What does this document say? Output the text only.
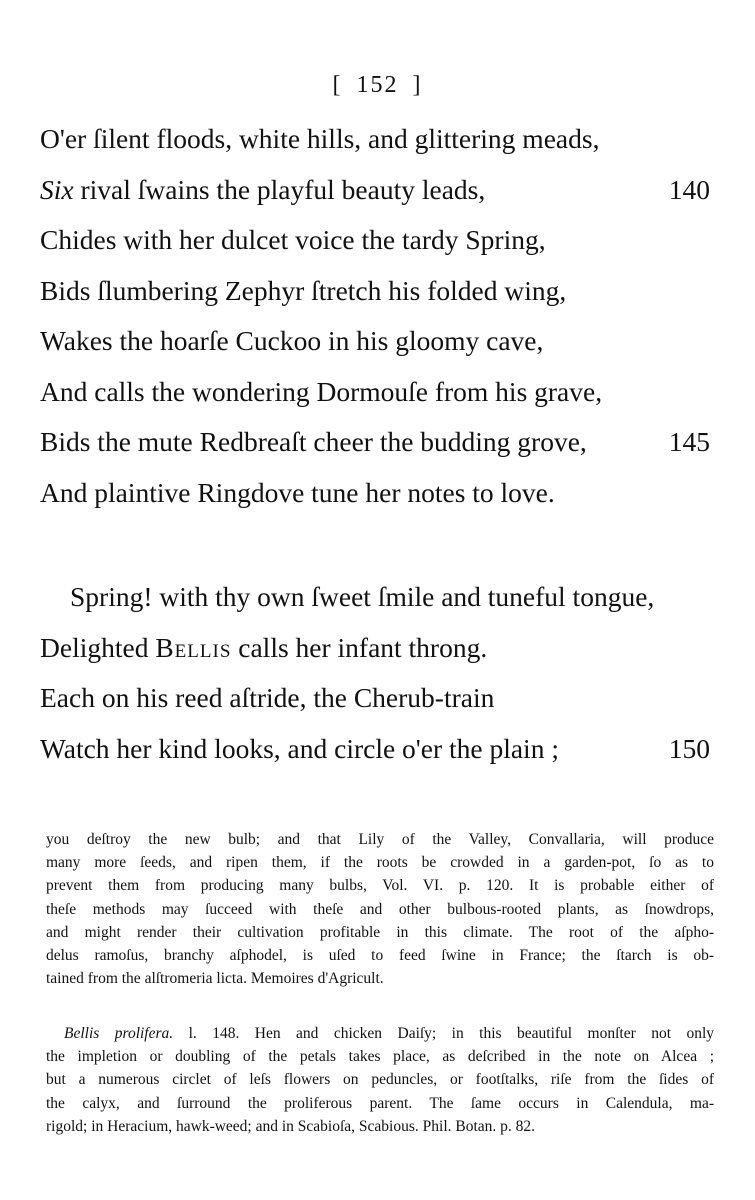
[ 152 ]
O'er ſilent floods, white hills, and glittering meads,
Six rival ſwains the playful beauty leads,	140
Chides with her dulcet voice the tardy Spring,
Bids ſlumbering Zephyr ſtretch his folded wing,
Wakes the hoarſe Cuckoo in his gloomy cave,
And calls the wondering Dormouſe from his grave,
Bids the mute Redbreaſt cheer the budding grove,	145
And plaintive Ringdove tune her notes to love.
Spring! with thy own ſweet ſmile and tuneful tongue,
Delighted Bellis calls her infant throng.
Each on his reed aſtride, the Cherub-train
Watch her kind looks, and circle o'er the plain ;	150
you deſtroy the new bulb; and that Lily of the Valley, Convallaria, will produce
many more ſeeds, and ripen them, if the roots be crowded in a garden-pot, ſo as to
prevent them from producing many bulbs, Vol. VI. p. 120. It is probable either of
theſe methods may ſucceed with theſe and other bulbous-rooted plants, as ſnowdrops,
and might render their cultivation profitable in this climate. The root of the aſpho-
delus ramoſus, branchy aſphodel, is uſed to feed ſwine in France; the ſtarch is ob-
tained from the alſtromeria licta. Memoires d'Agricult.
Bellis prolifera. l. 148. Hen and chicken Daiſy; in this beautiful monſter not only
the impletion or doubling of the petals takes place, as deſcribed in the note on Alcea ;
but a numerous circlet of leſs flowers on peduncles, or footſtalks, riſe from the ſides of
the calyx, and ſurround the proliferous parent. The ſame occurs in Calendula, ma-
rigold; in Heracium, hawk-weed; and in Scabioſa, Scabious. Phil. Botan. p. 82.
